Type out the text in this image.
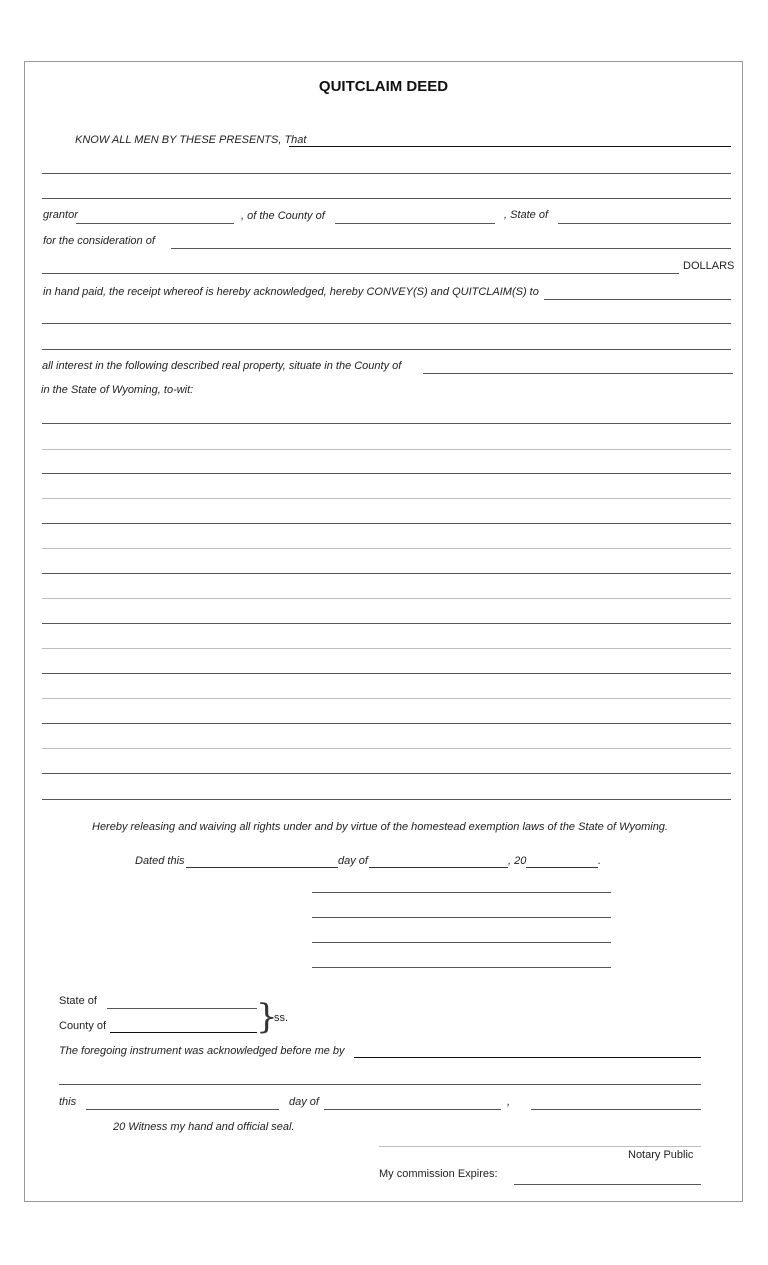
QUITCLAIM DEED
KNOW ALL MEN BY THESE PRESENTS, That
grantor	, of the County of	, State of
for the consideration of
DOLLARS
in hand paid, the receipt whereof is hereby acknowledged, hereby CONVEY(S) and QUITCLAIM(S) to
all interest in the following described real property, situate in the County of
in the State of Wyoming, to-wit:
Hereby releasing and waiving all rights under and by virtue of the homestead exemption laws of the State of Wyoming.
Dated this	day of	, 20	.
State of
County of	}
ss.
The foregoing instrument was acknowledged before me by
this	day of	,
20 Witness my hand and official seal.
Notary Public
My commission Expires:
